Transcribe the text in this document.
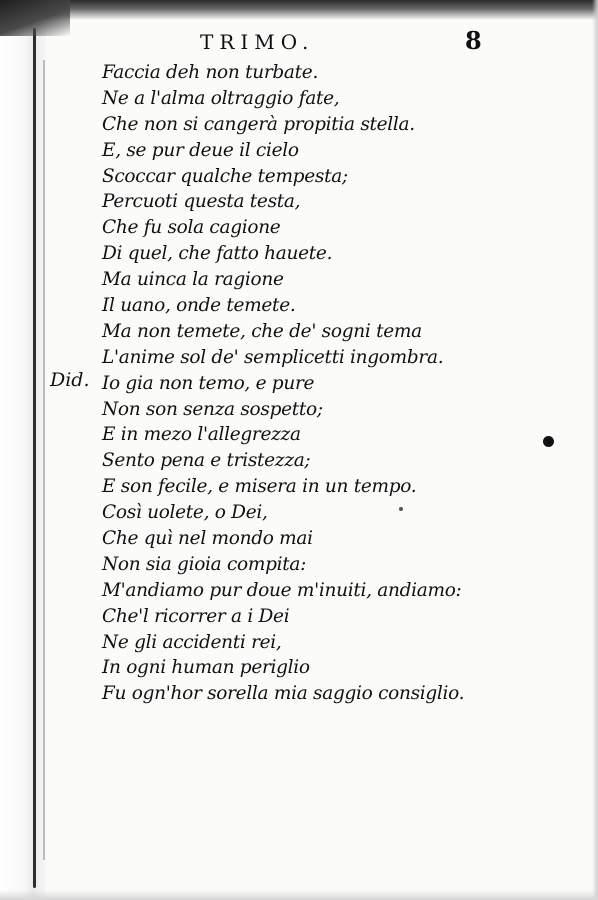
TRIMO.	8
Did.
Faccia deh non turbate.
Ne a l'alma oltraggio fate,
Che non si cangerà propitia stella.
E, se pur deue il cielo
Scoccar qualche tempesta;
Percuoti questa testa,
Che fu sola cagione
Di quel, che fatto hauete.
Ma uinca la ragione
Il uano, onde temete.
Ma non temete, che de' sogni tema
L'anime sol de' semplicetti ingombra.
Io gia non temo, e pure
Non son senza sospetto;
E in mezo l'allegrezza
Sento pena e tristezza;
E son fecile, e misera in un tempo.
Così uolete, o Dei,
Che quì nel mondo mai
Non sia gioia compita:
M'andiamo pur doue m'inuiti, andiamo:
Che'l ricorrer a i Dei
Ne gli accidenti rei,
In ogni human periglio
Fu ogn'hor sorella mia saggio consiglio.
